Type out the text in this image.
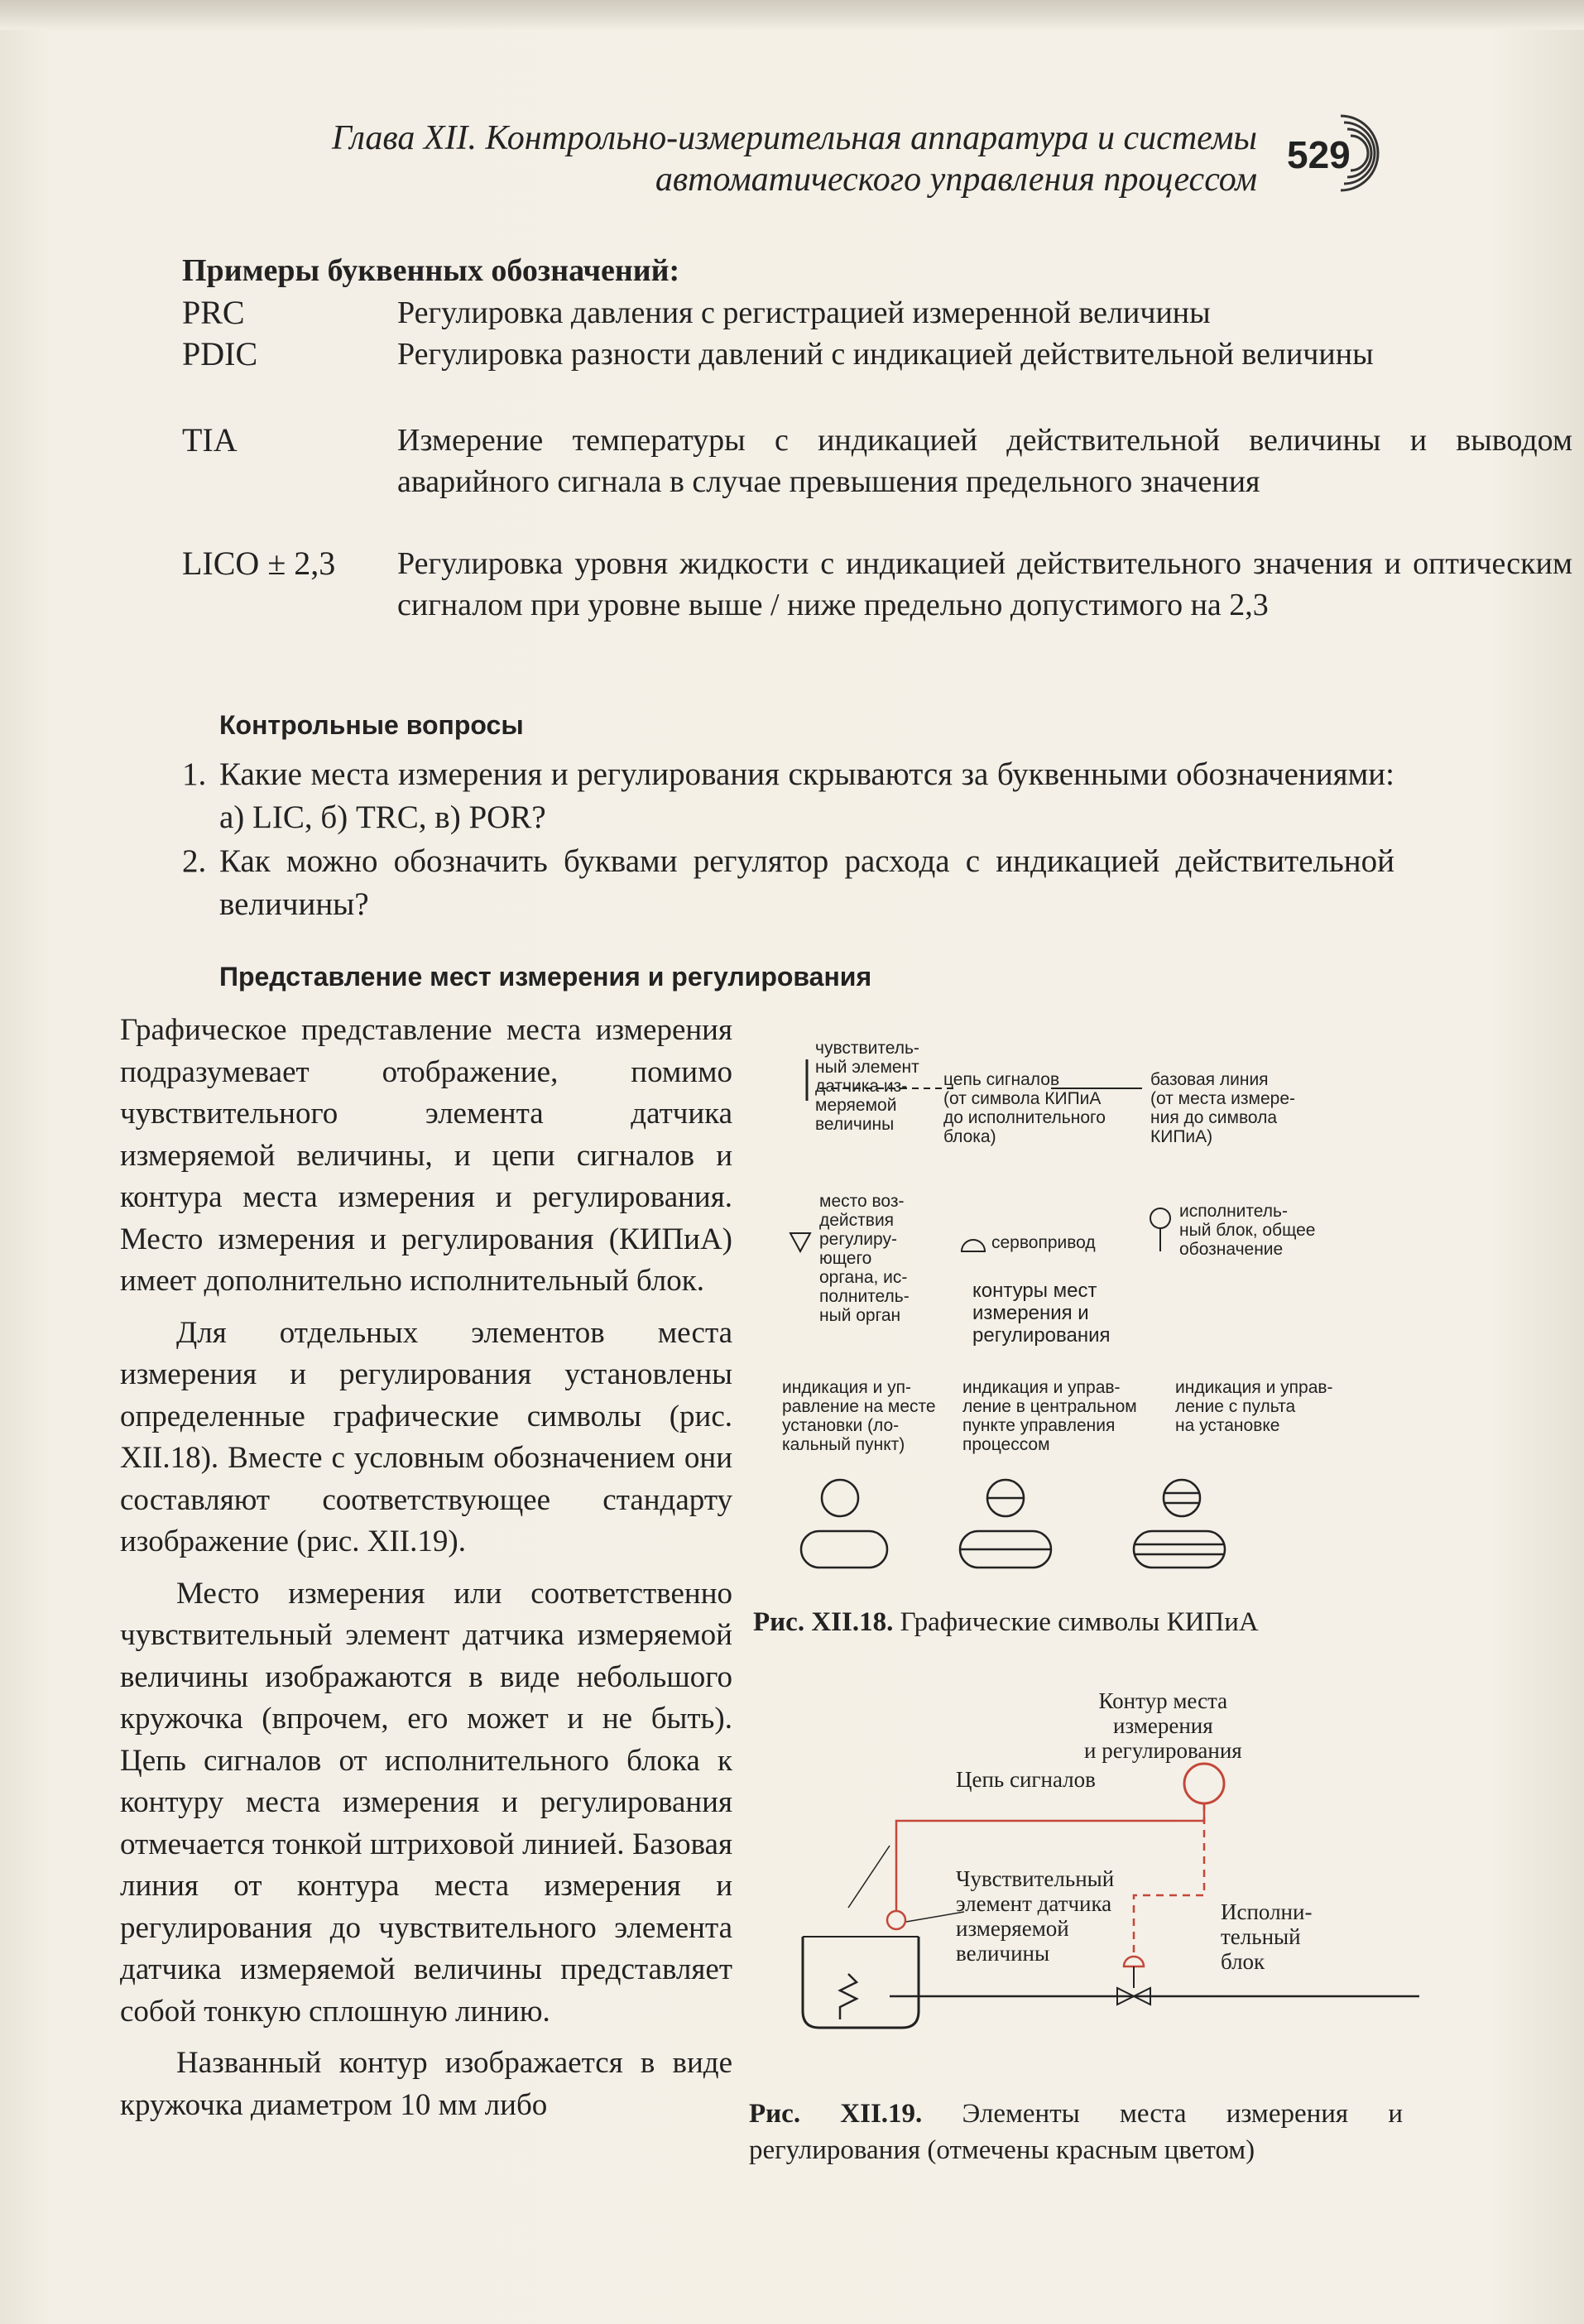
Глава XII. Контрольно-измерительная аппаратура и системы
автоматического управления процессом
529
Примеры буквенных обозначений:
PRC	Регулировка давления с регистрацией измеренной величины
PDIC	Регулировка разности давлений с индикацией действительной величины
TIA	Измерение температуры с индикацией действительной величины и выводом аварийного сигнала в случае превышения предельного значения
LICO ± 2,3	Регулировка уровня жидкости с индикацией действительного значения и оптическим сигналом при уровне выше / ниже предельно допустимого на 2,3
Контрольные вопросы
1. Какие места измерения и регулирования скрываются за буквенными обозначениями: а) LIC, б) TRC, в) POR?
2. Как можно обозначить буквами регулятор расхода с индикацией действительной величины?
Представление мест измерения и регулирования

Графическое представление места измерения подразумевает отображение, помимо чувствительного элемента датчика измеряемой величины, и цепи сигналов и контура места измерения и регулирования. Место измерения и регулирования (КИПиА) имеет дополнительно исполнительный блок.

Для отдельных элементов места измерения и регулирования установлены определенные графические символы (рис. XII.18). Вместе с условным обозначением они составляют соответствующее стандарту изображение (рис. XII.19).

Место измерения или соответственно чувствительный элемент датчика измеряемой величины изображаются в виде небольшого кружочка (впрочем, его может и не быть). Цепь сигналов от исполнительного блока к контуру места измерения и регулирования отмечается тонкой штриховой линией. Базовая линия от контура места измерения и регулирования до чувствительного элемента датчика измеряемой величины представляет собой тонкую сплошную линию.

Названный контур изображается в виде кружочка диаметром 10 мм либо

чувствитель-
ный элемент
датчика из-
меряемой
величины
цепь сигналов
(от символа КИПиА
до исполнительного
блока)
базовая линия
(от места измере-
ния до символа
КИПиА)
место воз-
действия
регулиру-
ющего
органа, ис-
полнитель-
ный орган
сервопривод
исполнитель-
ный блок, общее
обозначение
контуры мест
измерения и
регулирования
индикация и уп-
равление на месте
установки (ло-
кальный пункт)
индикация и управ-
ление в центральном
пункте управления
процессом
индикация и управ-
ление с пульта
на установке
Рис. XII.18. Графические символы КИПиА
Контур места
измерения
и регулирования
Цепь сигналов
Чувствительный
элемент датчика
измеряемой
величины
Исполни-
тельный
блок
Рис. XII.19. Элементы места измерения и регулирования (отмечены красным цветом)
